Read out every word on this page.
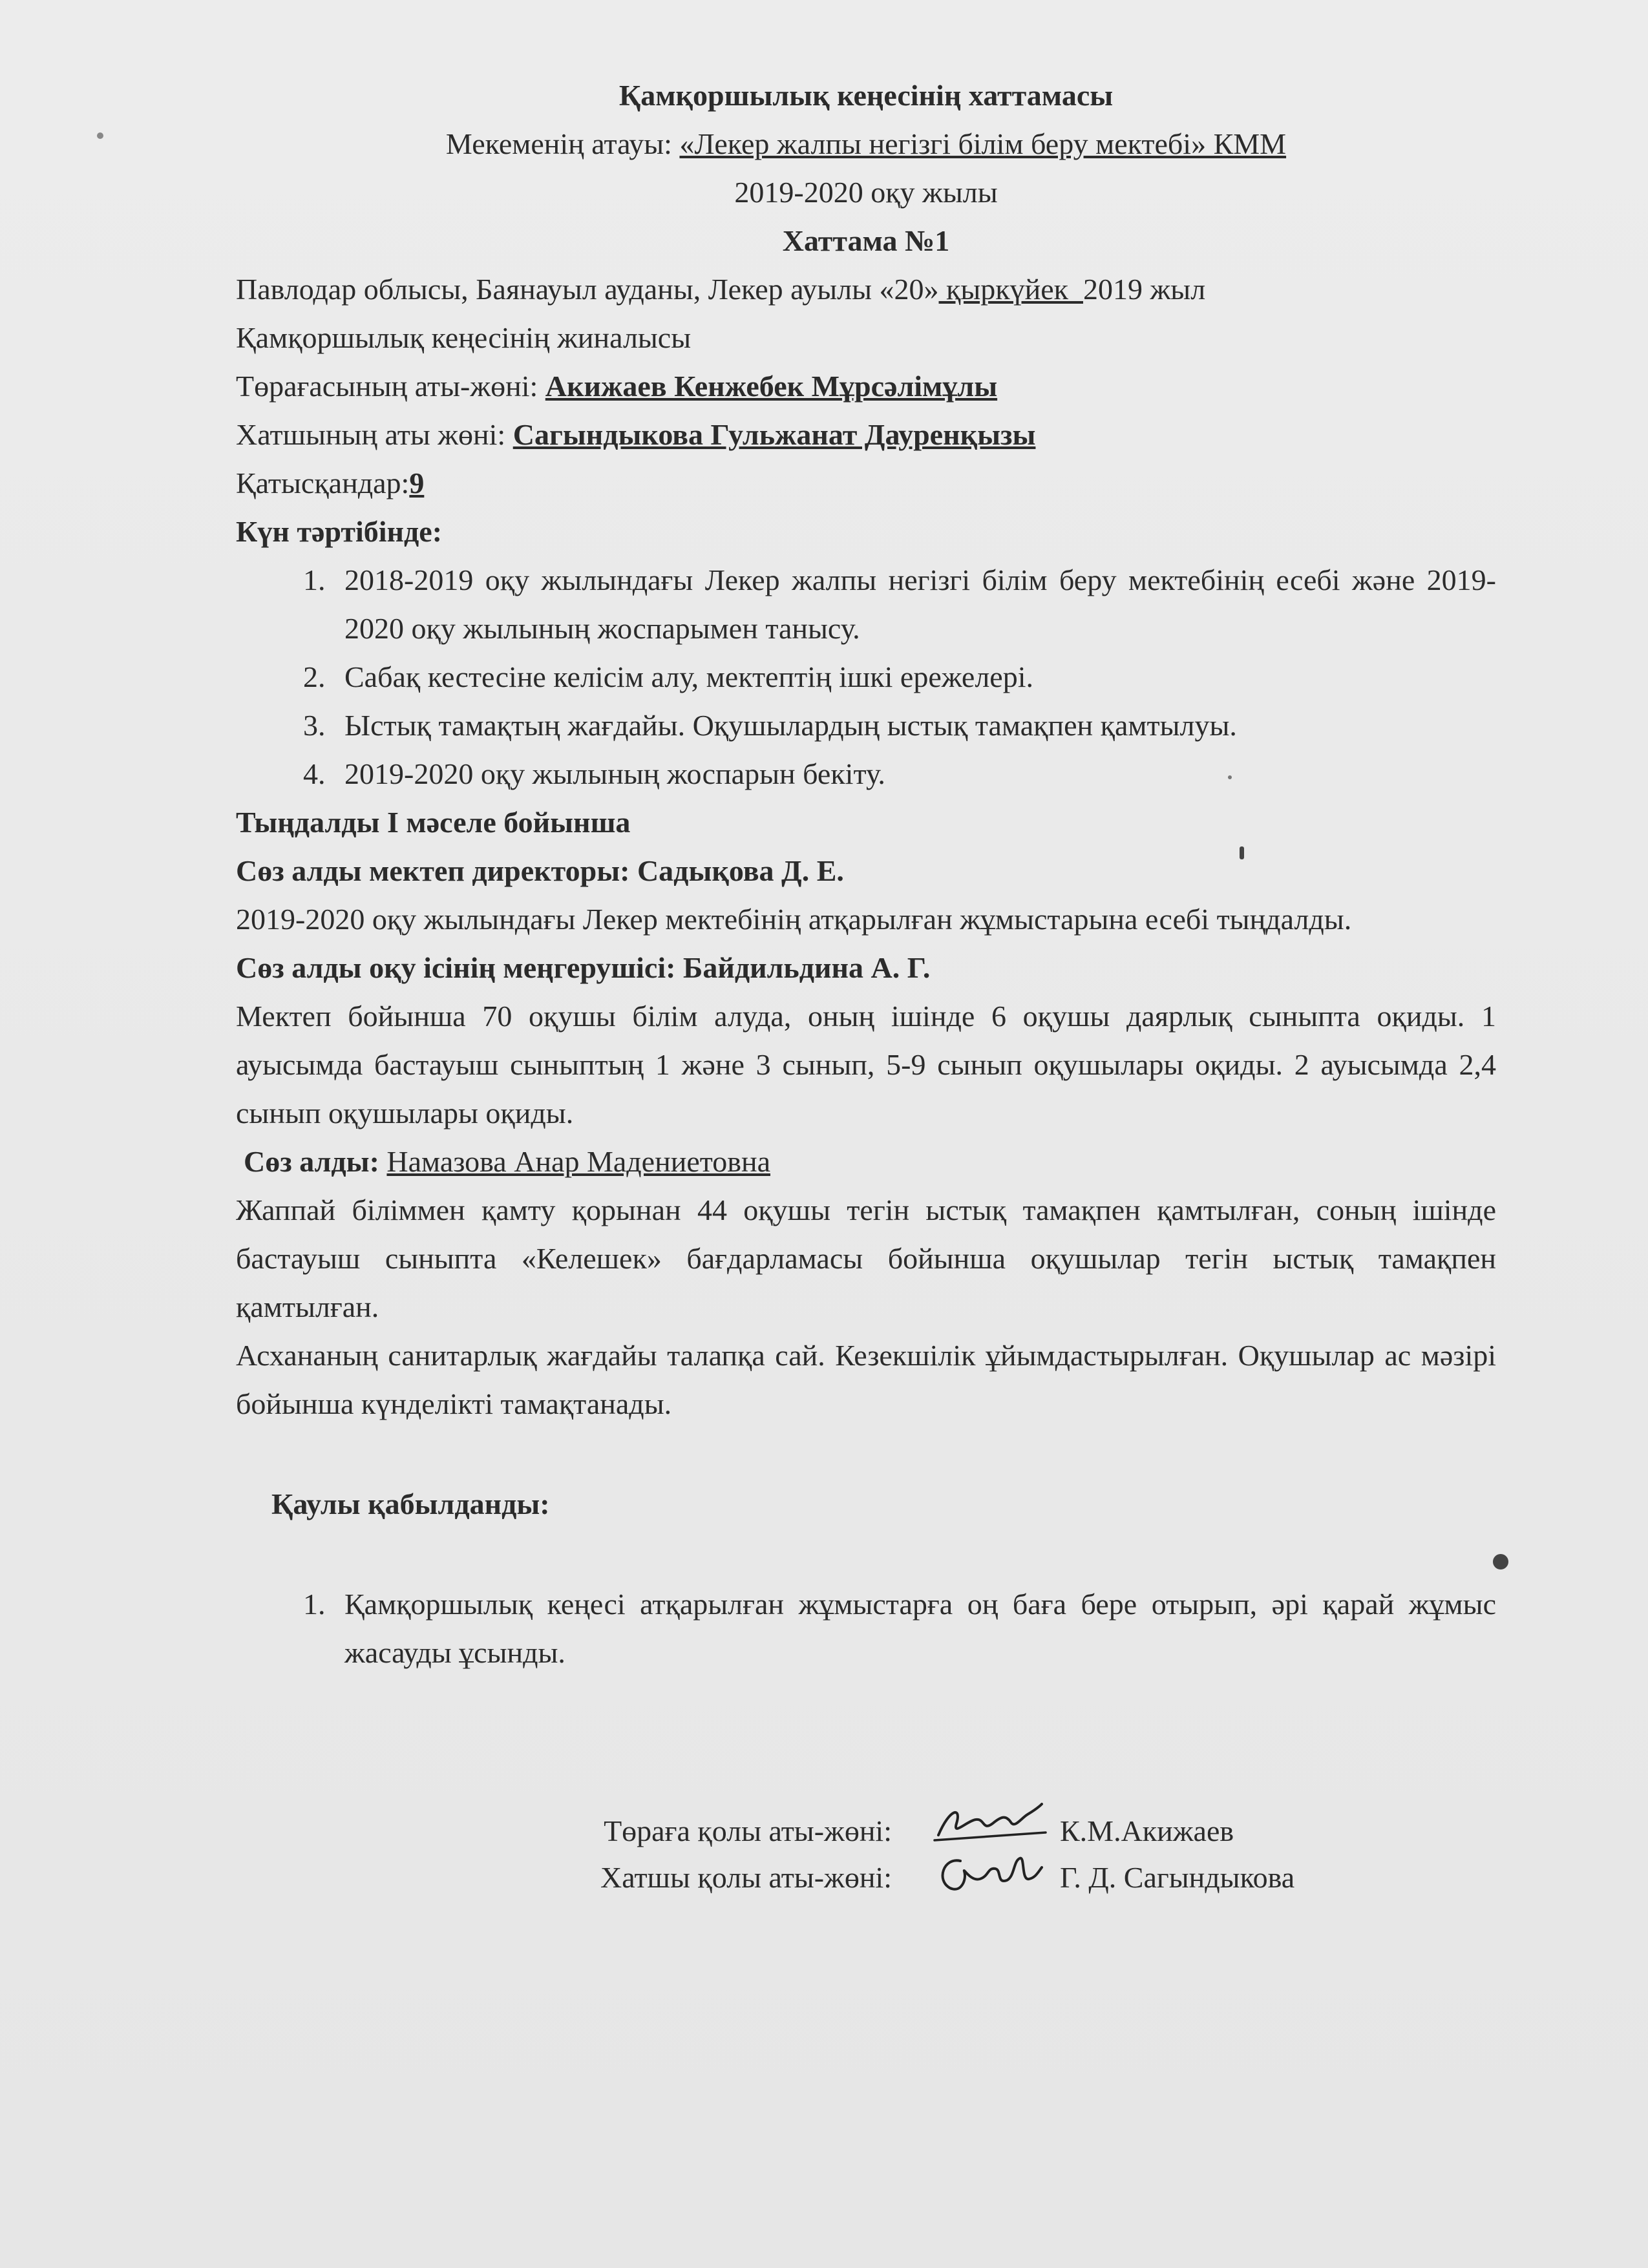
Қамқоршылық кеңесінің хаттамасы

Мекеменің атауы: «Лекер жалпы негізгі білім беру мектебі» КММ

2019-2020 оқу жылы

Хаттама №1

Павлодар облысы, Баянауыл ауданы, Лекер ауылы «20» қыркүйек  2019 жыл

Қамқоршылық кеңесінің жиналысы

Төрағасының аты-жөні: Акижаев Кенжебек Мұрсәлімұлы

Хатшының аты жөні: Сагындыкова Гульжанат Дауренқызы

Қатысқандар:9

Күн тәртібінде:

1. 2018-2019 оқу жылындағы Лекер жалпы негізгі білім беру мектебінің есебі және 2019-2020 оқу жылының жоспарымен танысу.
2. Сабақ кестесіне келісім алу, мектептің ішкі ережелері.
3. Ыстық тамақтың жағдайы. Оқушылардың ыстық тамақпен қамтылуы.
4. 2019-2020 оқу жылының жоспарын бекіту.

Тыңдалды І мәселе бойынша

Сөз алды мектеп директоры: Садықова Д. Е.

2019-2020 оқу жылындағы Лекер мектебінің атқарылған жұмыстарына есебі тыңдалды.

Сөз алды оқу ісінің меңгерушісі: Байдильдина А. Г.

Мектеп бойынша 70 оқушы білім алуда, оның ішінде 6 оқушы даярлық сыныпта оқиды. 1 ауысымда бастауыш сыныптың 1 және 3 сынып, 5-9 сынып оқушылары оқиды. 2 ауысымда 2,4 сынып оқушылары оқиды.

Сөз алды: Намазова Анар Мадениетовна

Жаппай біліммен қамту қорынан 44 оқушы тегін ыстық тамақпен қамтылған, соның ішінде бастауыш сыныпта «Келешек» бағдарламасы бойынша оқушылар тегін ыстық тамақпен қамтылған.

Асхананың санитарлық жағдайы талапқа сай. Кезекшілік ұйымдастырылған. Оқушылар ас мәзірі бойынша күнделікті тамақтанады.

Қаулы қабылданды:

1. Қамқоршылық кеңесі атқарылған жұмыстарға оң баға бере отырып, әрі қарай жұмыс жасауды ұсынды.
Төраға қолы аты-жөні:	К.М.Акижаев
Хатшы қолы аты-жөні:	Г. Д. Сагындыкова
